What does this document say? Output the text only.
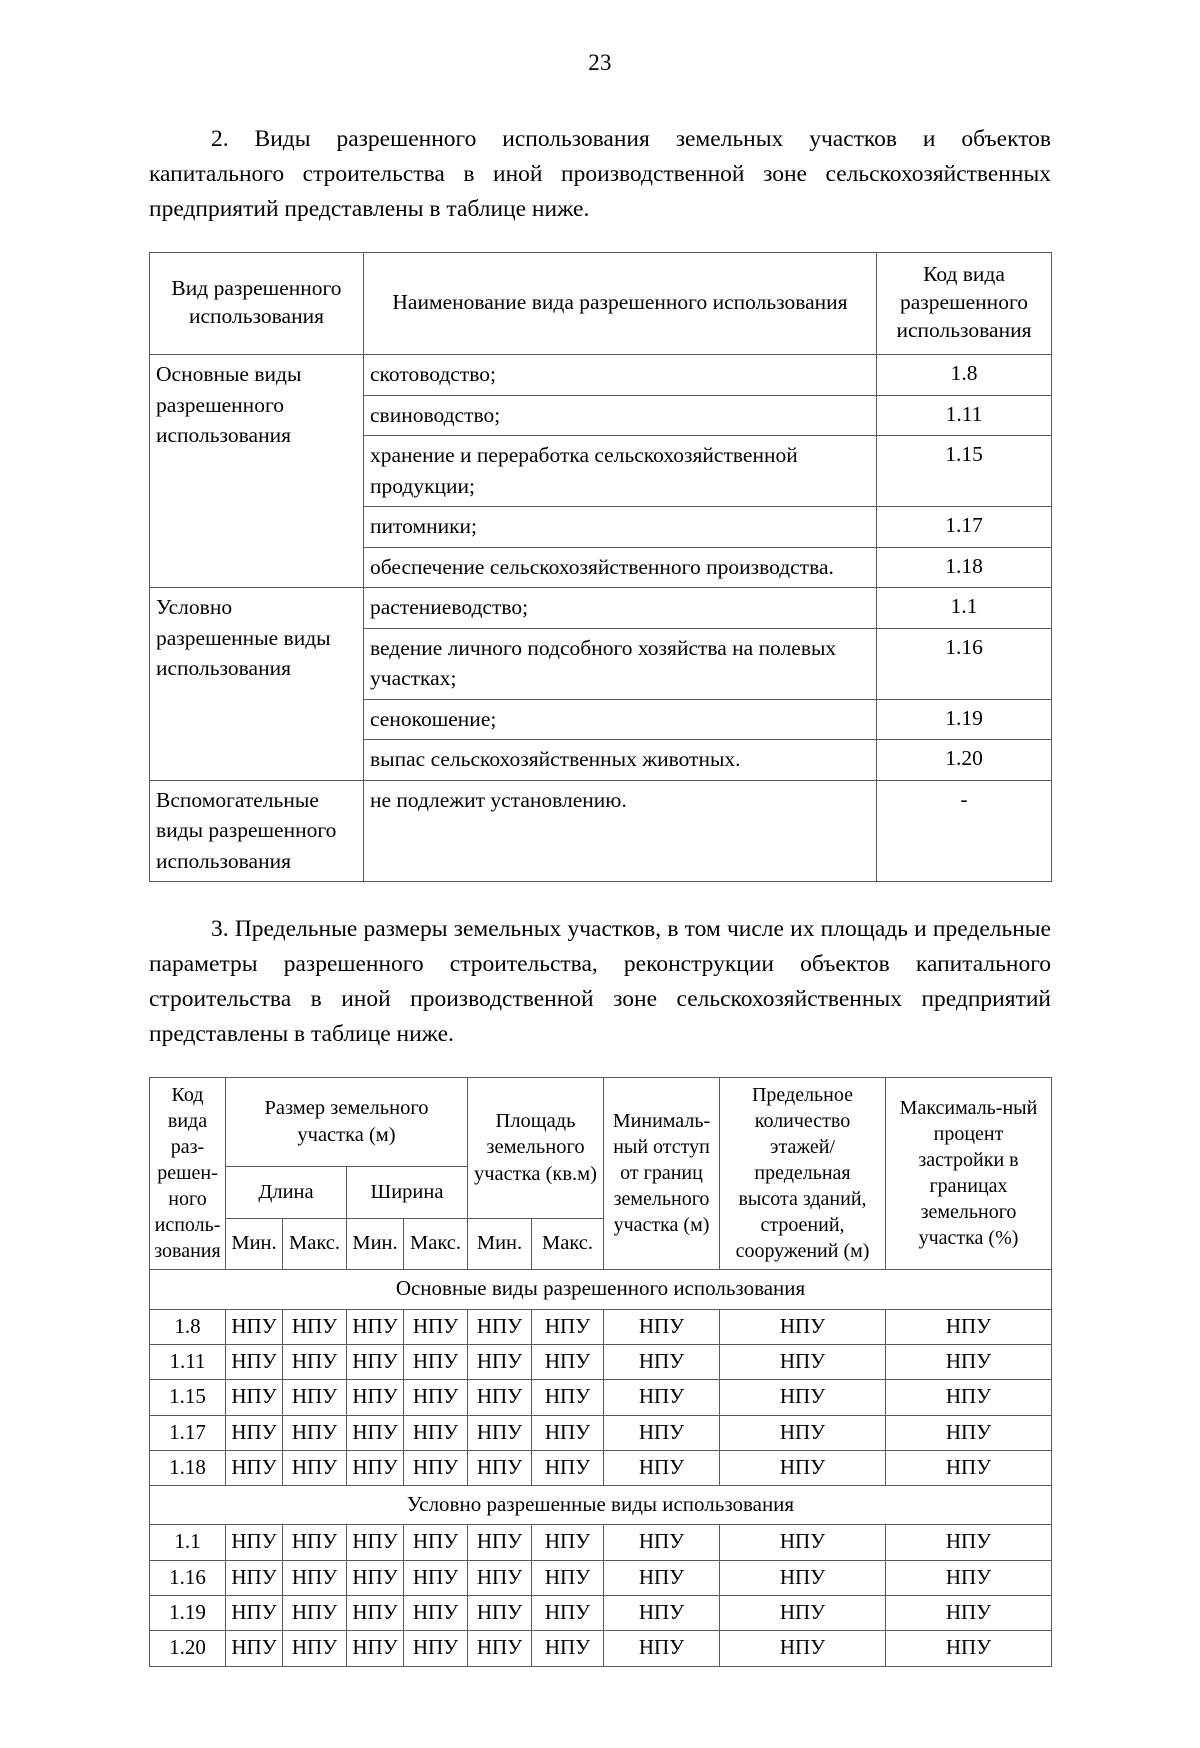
23

2. Виды разрешенного использования земельных участков и объектов капитального строительства в иной производственной зоне сельскохозяйственных предприятий представлены в таблице ниже.

Вид разрешенного использования	Наименование вида разрешенного использования	Код вида разрешенного использования
Основные виды разрешенного использования	скотоводство;	1.8
	свиноводство;	1.11
	хранение и переработка сельскохозяйственной продукции;	1.15
	питомники;	1.17
	обеспечение сельскохозяйственного производства.	1.18
Условно разрешенные виды использования	растениеводство;	1.1
	ведение личного подсобного хозяйства на полевых участках;	1.16
	сенокошение;	1.19
	выпас сельскохозяйственных животных.	1.20
Вспомогательные виды разрешенного использования	не подлежит установлению.	-

3. Предельные размеры земельных участков, в том числе их площадь и предельные параметры разрешенного строительства, реконструкции объектов капитального строительства в иной производственной зоне сельскохозяйственных предприятий представлены в таблице ниже.

Код вида раз-решен-ного исполь-зования	Размер земельного участка (м)				Площадь земельного участка (кв.м)		Минималь-ный отступ от границ земельного участка (м)	Предельное количество этажей/ предельная высота зданий, строений, сооружений (м)	Максималь-ный процент застройки в границах земельного участка (%)
	Длина		Ширина						
	Мин.	Макс.	Мин.	Макс.	Мин.	Макс.			
Основные виды разрешенного использования									
1.8	НПУ	НПУ	НПУ	НПУ	НПУ	НПУ	НПУ	НПУ	НПУ
1.11	НПУ	НПУ	НПУ	НПУ	НПУ	НПУ	НПУ	НПУ	НПУ
1.15	НПУ	НПУ	НПУ	НПУ	НПУ	НПУ	НПУ	НПУ	НПУ
1.17	НПУ	НПУ	НПУ	НПУ	НПУ	НПУ	НПУ	НПУ	НПУ
1.18	НПУ	НПУ	НПУ	НПУ	НПУ	НПУ	НПУ	НПУ	НПУ
Условно разрешенные виды использования									
1.1	НПУ	НПУ	НПУ	НПУ	НПУ	НПУ	НПУ	НПУ	НПУ
1.16	НПУ	НПУ	НПУ	НПУ	НПУ	НПУ	НПУ	НПУ	НПУ
1.19	НПУ	НПУ	НПУ	НПУ	НПУ	НПУ	НПУ	НПУ	НПУ
1.20	НПУ	НПУ	НПУ	НПУ	НПУ	НПУ	НПУ	НПУ	НПУ
